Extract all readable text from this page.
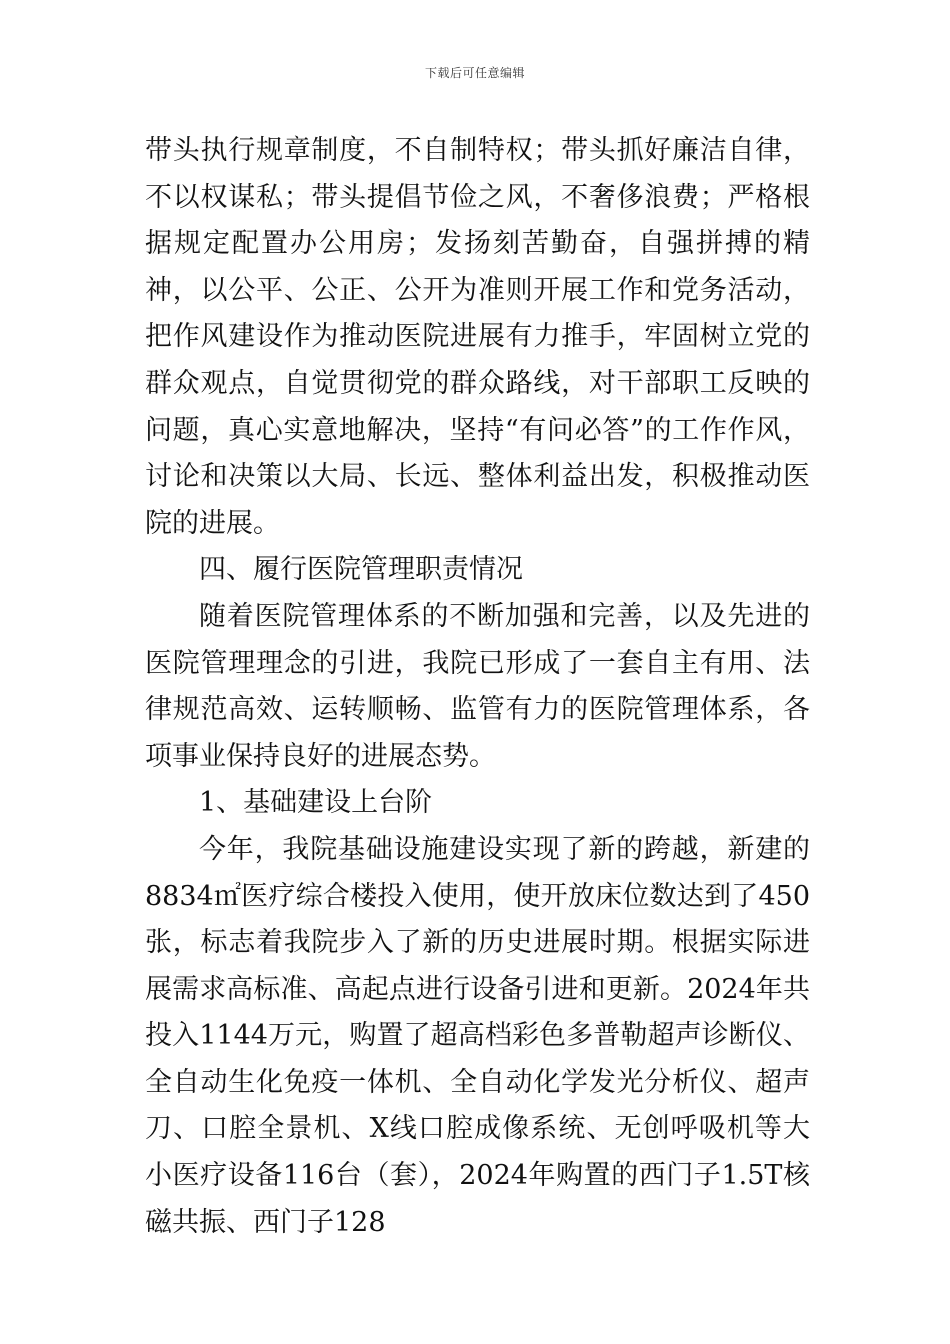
下载后可任意编辑

带头执行规章制度，不自制特权；带头抓好廉洁自律，不以权谋私；带头提倡节俭之风，不奢侈浪费；严格根据规定配置办公用房；发扬刻苦勤奋，自强拼搏的精神，以公平、公正、公开为准则开展工作和党务活动，把作风建设作为推动医院进展有力推手，牢固树立党的群众观点，自觉贯彻党的群众路线，对干部职工反映的问题，真心实意地解决，坚持“有问必答”的工作作风，讨论和决策以大局、长远、整体利益出发，积极推动医院的进展。

四、履行医院管理职责情况

随着医院管理体系的不断加强和完善，以及先进的医院管理理念的引进，我院已形成了一套自主有用、法律规范高效、运转顺畅、监管有力的医院管理体系，各项事业保持良好的进展态势。

1、基础建设上台阶

今年，我院基础设施建设实现了新的跨越，新建的8834㎡医疗综合楼投入使用，使开放床位数达到了450张，标志着我院步入了新的历史进展时期。根据实际进展需求高标准、高起点进行设备引进和更新。2024年共投入1144万元，购置了超高档彩色多普勒超声诊断仪、全自动生化免疫一体机、全自动化学发光分析仪、超声刀、口腔全景机、X线口腔成像系统、无创呼吸机等大小医疗设备116台（套），2024年购置的西门子1.5T核磁共振、西门子128
